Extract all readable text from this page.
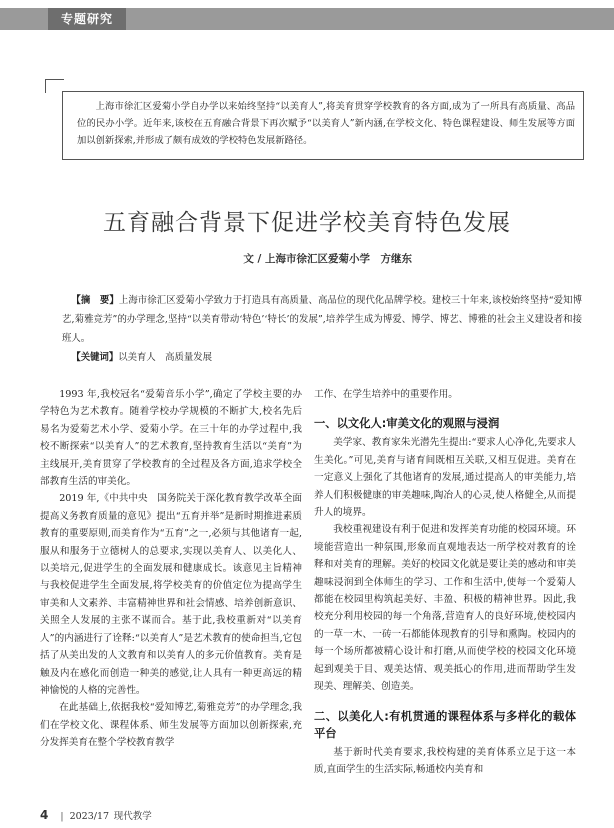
专题研究
上海市徐汇区爱菊小学自办学以来始终坚持“以美育人”,将美育贯穿学校教育的各方面,成为了一所具有高质量、高品位的民办小学。近年来,该校在五育融合背景下再次赋予“以美育人”新内涵,在学校文化、特色课程建设、师生发展等方面加以创新探索,并形成了颇有成效的学校特色发展新路径。
五育融合背景下促进学校美育特色发展
文 / 上海市徐汇区爱菊小学　方继东

【摘　要】上海市徐汇区爱菊小学致力于打造具有高质量、高品位的现代化品牌学校。建校三十年来,该校始终坚持“爱知博艺,菊雅竞芳”的办学理念,坚持“以美育带动‘特色’‘特长’的发展”,培养学生成为博爱、博学、博艺、博雅的社会主义建设者和接班人。

【关键词】以美育人　高质量发展

1993 年,我校冠名“爱菊音乐小学”,确定了学校主要的办学特色为艺术教育。随着学校办学规模的不断扩大,校名先后易名为爱菊艺术小学、爱菊小学。在三十年的办学过程中,我校不断探索“以美育人”的艺术教育,坚持教育生活以“美育”为主线展开,美育贯穿了学校教育的全过程及各方面,追求学校全部教育生活的审美化。

2019 年,《中共中央　国务院关于深化教育教学改革全面提高义务教育质量的意见》提出“五育并举”是新时期推进素质教育的重要原则,而美育作为“五育”之一,必须与其他诸育一起,服从和服务于立德树人的总要求,实现以美育人、以美化人、以美培元,促进学生的全面发展和健康成长。该意见主旨精神与我校促进学生全面发展,将学校美育的价值定位为提高学生审美和人文素养、丰富精神世界和社会情感、培养创新意识、关照全人发展的主张不谋而合。基于此,我校重新对“以美育人”的内涵进行了诠释:“以美育人”是艺术教育的使命担当,它包括了从美出发的人文教育和以美育人的多元价值教育。美育是触及内在感化而创造一种美的感觉,让人具有一种更高远的精神愉悦的人格的完善性。

在此基础上,依据我校“爱知博艺,菊雅竞芳”的办学理念,我们在学校文化、课程体系、师生发展等方面加以创新探索,充分发挥美育在整个学校教育教学

工作、在学生培养中的重要作用。

一、以文化人:审美文化的观照与浸润

美学家、教育家朱光潜先生提出:“要求人心净化,先要求人生美化。”可见,美育与诸育间既相互关联,又相互促进。美育在一定意义上强化了其他诸育的发展,通过提高人的审美能力,培养人们积极健康的审美趣味,陶冶人的心灵,使人格健全,从而提升人的境界。

我校重视建设有利于促进和发挥美育功能的校园环境。环境能营造出一种氛围,形象而直观地表达一所学校对教育的诠释和对美育的理解。美好的校园文化就是要让美的感动和审美趣味浸润到全体师生的学习、工作和生活中,使每一个爱菊人都能在校园里构筑起美好、丰盈、积极的精神世界。因此,我校充分利用校园的每一个角落,营造育人的良好环境,使校园内的一草一木、一砖一石都能体现教育的引导和熏陶。校园内的每一个场所都被精心设计和打磨,从而使学校的校园文化环境起到观美于目、观美达情、观美抵心的作用,进而帮助学生发现美、理解美、创造美。

二、以美化人:有机贯通的课程体系与多样化的载体平台

基于新时代美育要求,我校构建的美育体系立足于这一本质,直面学生的生活实际,畅通校内美育和

4 | 2023/17  现代教学
